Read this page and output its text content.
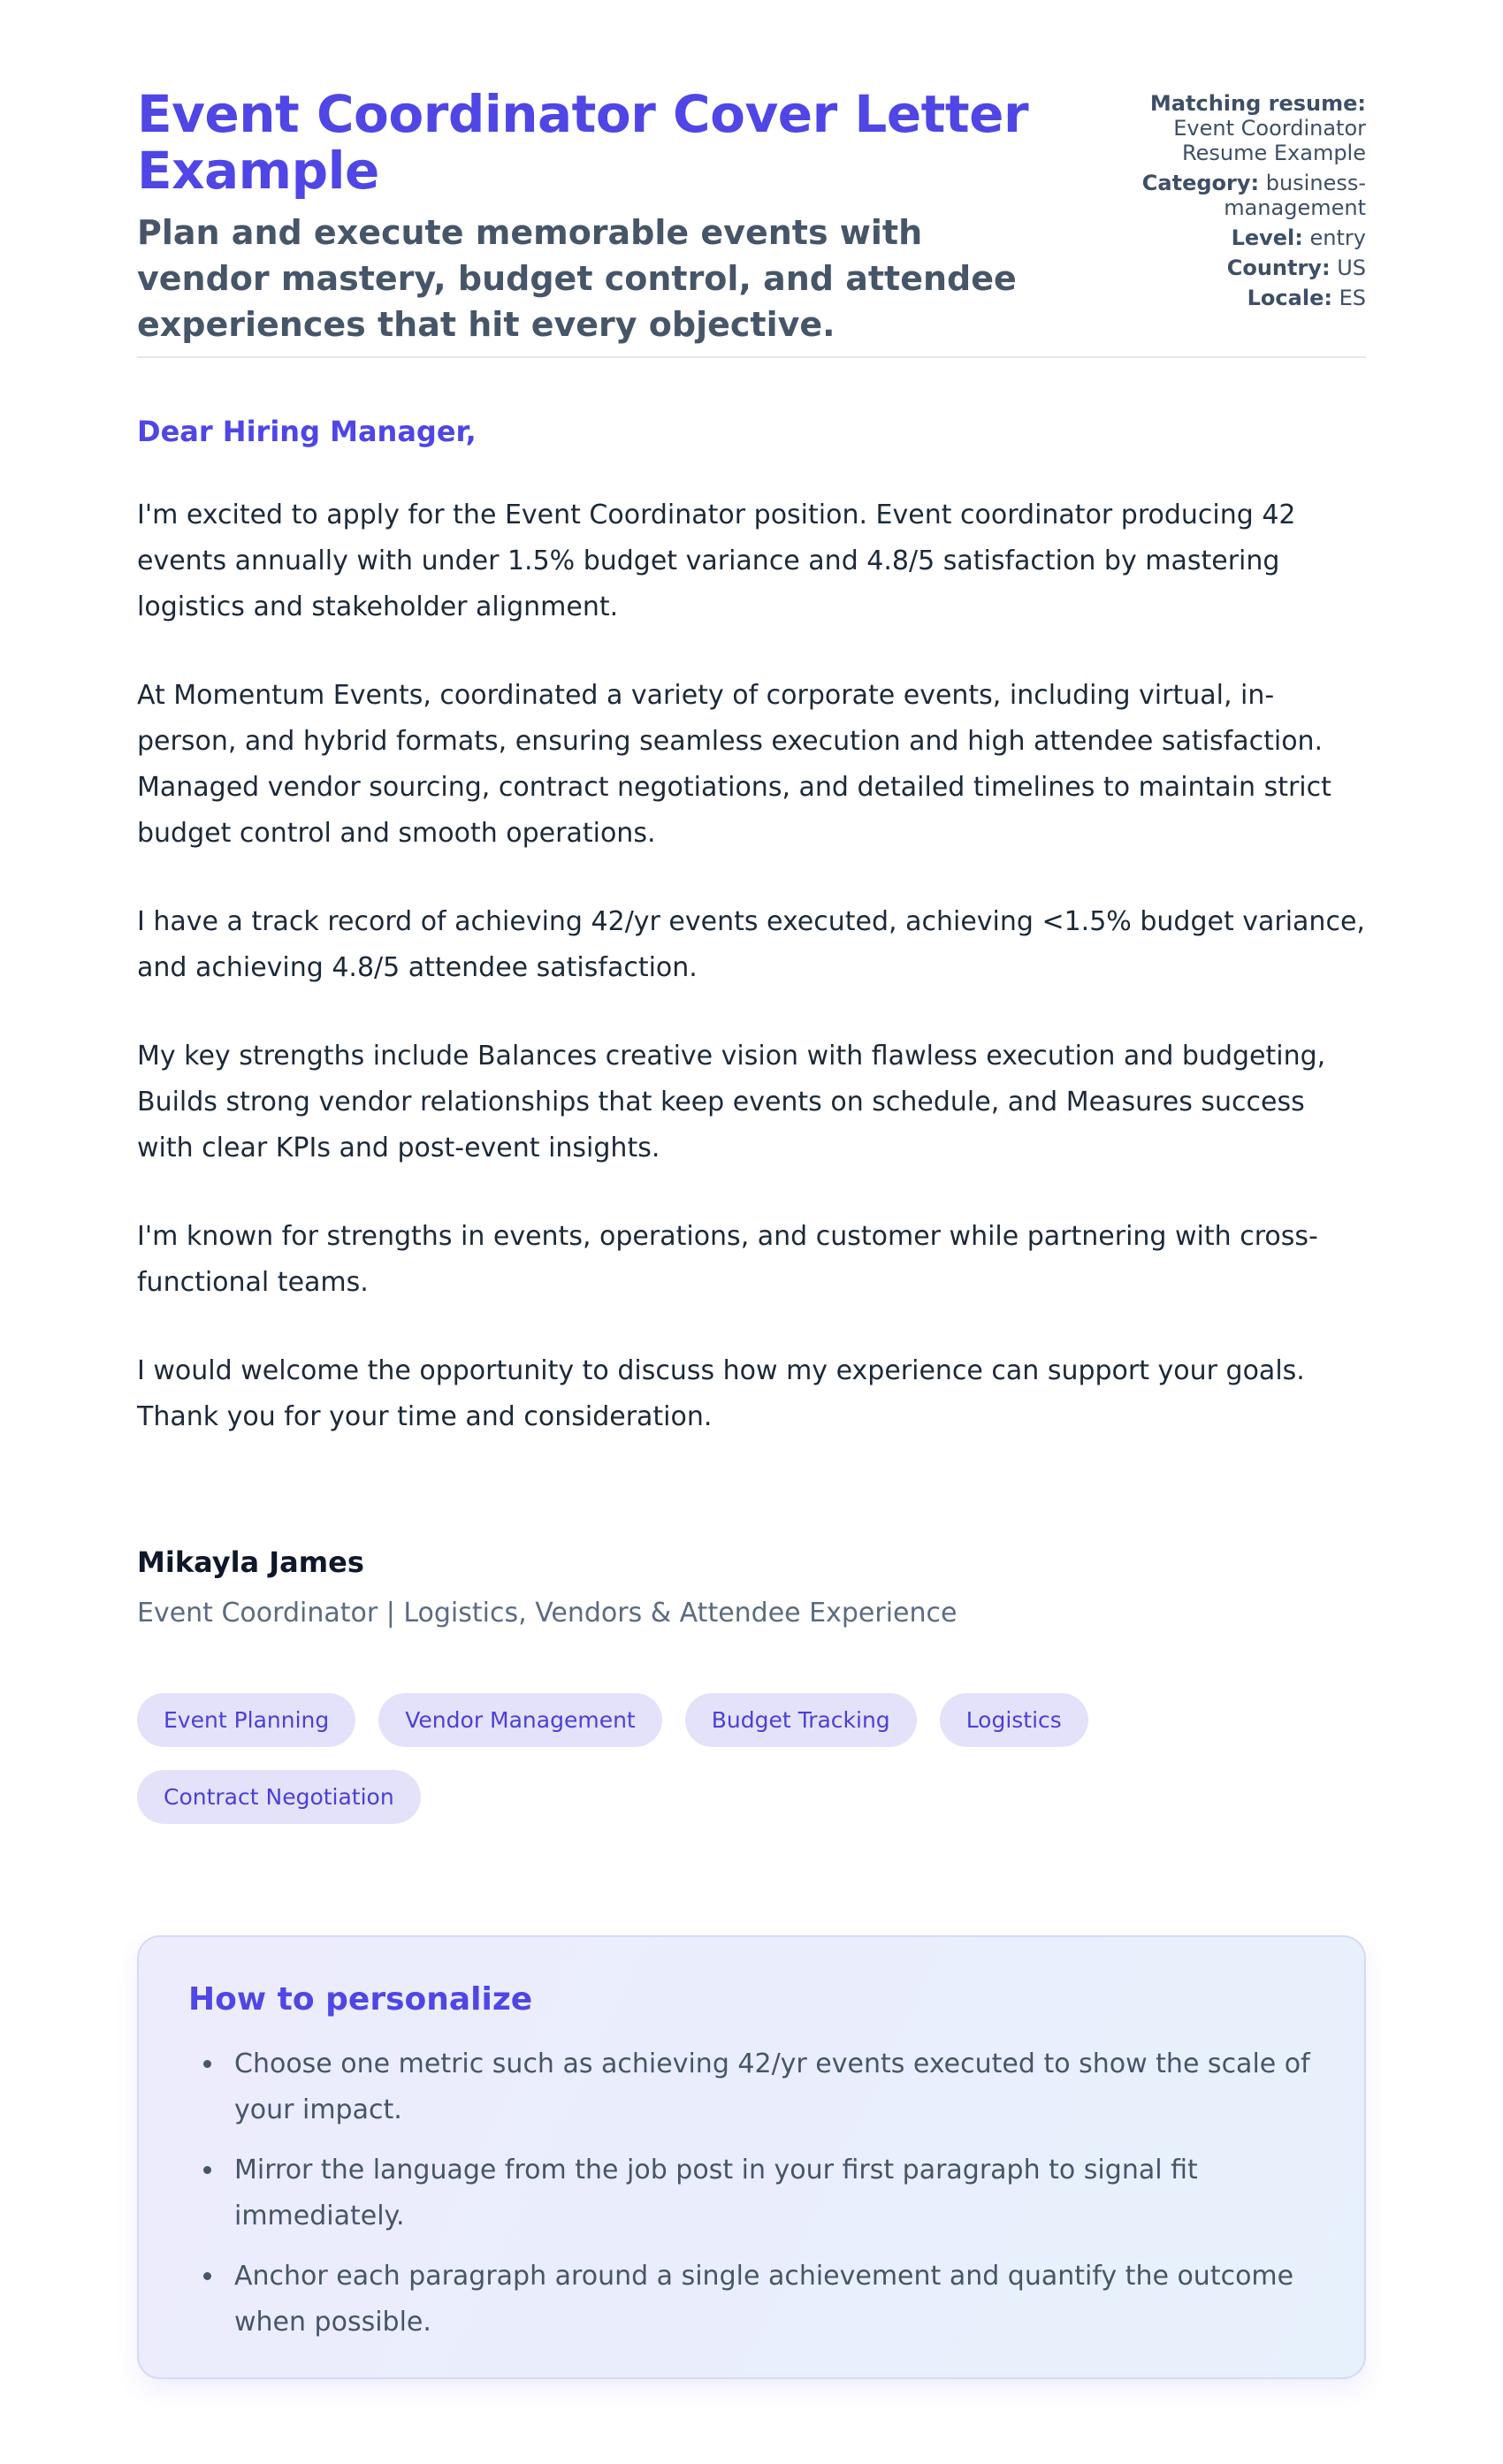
Event Coordinator Cover Letter Example

Plan and execute memorable events with vendor mastery, budget control, and attendee experiences that hit every objective.

Matching resume: Event Coordinator Resume Example
Category: business-management
Level: entry
Country: US
Locale: ES

Dear Hiring Manager,

I'm excited to apply for the Event Coordinator position. Event coordinator producing 42 events annually with under 1.5% budget variance and 4.8/5 satisfaction by mastering logistics and stakeholder alignment.

At Momentum Events, coordinated a variety of corporate events, including virtual, in-person, and hybrid formats, ensuring seamless execution and high attendee satisfaction. Managed vendor sourcing, contract negotiations, and detailed timelines to maintain strict budget control and smooth operations.

I have a track record of achieving 42/yr events executed, achieving <1.5% budget variance, and achieving 4.8/5 attendee satisfaction.

My key strengths include Balances creative vision with flawless execution and budgeting, Builds strong vendor relationships that keep events on schedule, and Measures success with clear KPIs and post-event insights.

I'm known for strengths in events, operations, and customer while partnering with cross-functional teams.

I would welcome the opportunity to discuss how my experience can support your goals. Thank you for your time and consideration.

Mikayla James
Event Coordinator | Logistics, Vendors & Attendee Experience
Event Planning	Vendor Management	Budget Tracking	Logistics
Contract Negotiation
How to personalize
• Choose one metric such as achieving 42/yr events executed to show the scale of your impact.
• Mirror the language from the job post in your first paragraph to signal fit immediately.
• Anchor each paragraph around a single achievement and quantify the outcome when possible.
